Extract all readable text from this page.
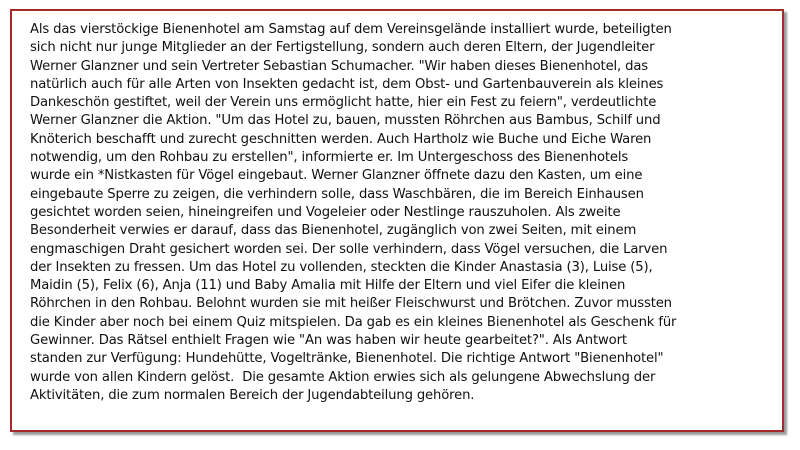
Als das vierstöckige Bienenhotel am Samstag auf dem Vereinsgelände installiert wurde, beteiligten
sich nicht nur junge Mitglieder an der Fertigstellung, sondern auch deren Eltern, der Jugendleiter
Werner Glanzner und sein Vertreter Sebastian Schumacher. "Wir haben dieses Bienenhotel, das
natürlich auch für alle Arten von Insekten gedacht ist, dem Obst- und Gartenbauverein als kleines
Dankeschön gestiftet, weil der Verein uns ermöglicht hatte, hier ein Fest zu feiern", verdeutlichte
Werner Glanzner die Aktion. "Um das Hotel zu, bauen, mussten Röhrchen aus Bambus, Schilf und
Knöterich beschafft und zurecht geschnitten werden. Auch Hartholz wie Buche und Eiche Waren
notwendig, um den Rohbau zu erstellen", informierte er. Im Untergeschoss des Bienenhotels
wurde ein *Nistkasten für Vögel eingebaut. Werner Glanzner öffnete dazu den Kasten, um eine
eingebaute Sperre zu zeigen, die verhindern solle, dass Waschbären, die im Bereich Einhausen
gesichtet worden seien, hineingreifen und Vogeleier oder Nestlinge rauszuholen. Als zweite
Besonderheit verwies er darauf, dass das Bienenhotel, zugänglich von zwei Seiten, mit einem
engmaschigen Draht gesichert worden sei. Der solle verhindern, dass Vögel versuchen, die Larven
der Insekten zu fressen. Um das Hotel zu vollenden, steckten die Kinder Anastasia (3), Luise (5),
Maidin (5), Felix (6), Anja (11) und Baby Amalia mit Hilfe der Eltern und viel Eifer die kleinen
Röhrchen in den Rohbau. Belohnt wurden sie mit heißer Fleischwurst und Brötchen. Zuvor mussten
die Kinder aber noch bei einem Quiz mitspielen. Da gab es ein kleines Bienenhotel als Geschenk für
Gewinner. Das Rätsel enthielt Fragen wie "An was haben wir heute gearbeitet?". Als Antwort
standen zur Verfügung: Hundehütte, Vogeltränke, Bienenhotel. Die richtige Antwort "Bienenhotel"
wurde von allen Kindern gelöst.  Die gesamte Aktion erwies sich als gelungene Abwechslung der
Aktivitäten, die zum normalen Bereich der Jugendabteilung gehören.
